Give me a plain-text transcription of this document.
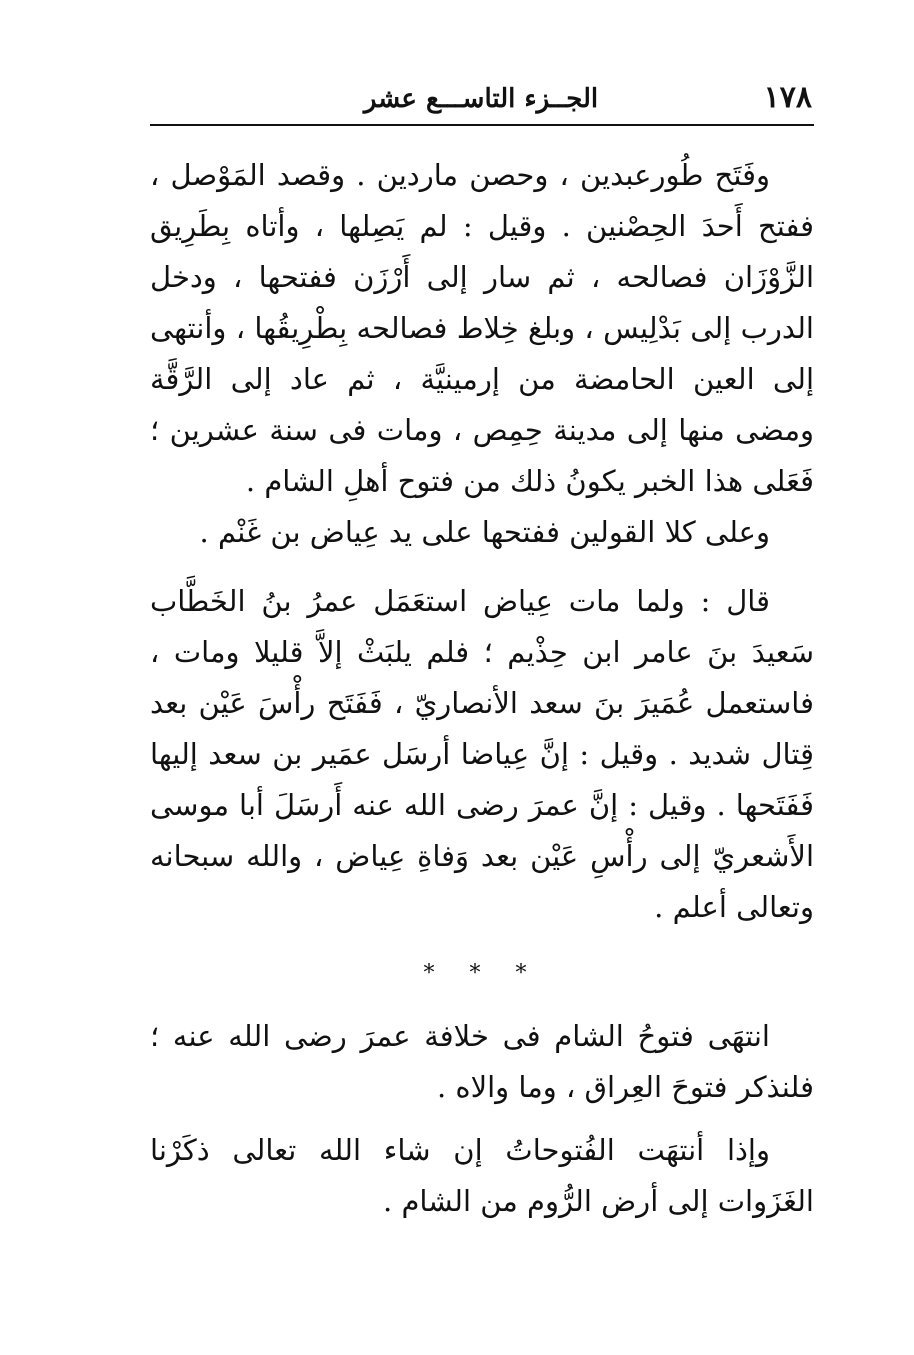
١٧٨
الجــزء التاســـع عشر

وفَتَح طُورعبدين ، وحصن ماردين . وقصد المَوْصل ، ففتح أَحدَ الحِصْنين . وقيل : لم يَصِلها ، وأتاه بِطَرِيق الزَّوْزَان فصالحه ، ثم سار إلى أَرْزَن ففتحها ، ودخل الدرب إلى بَدْلِيس ، وبلغ خِلاط فصالحه بِطْرِيقُها ، وأنتهى إلى العين الحامضة من إرمينيَّة ، ثم عاد إلى الرَّقَّة ومضى منها إلى مدينة حِمِص ، ومات فى سنة عشرين ؛ فَعَلى هذا الخبر يكونُ ذلك من فتوح أهلِ الشام .

وعلى كلا القولين ففتحها على يد عِياض بن غَنْم .

قال : ولما مات عِياض استعَمَل عمرُ بنُ الخَطَّاب سَعيدَ بنَ عامر ابن حِذْيم ؛ فلم يلبَثْ إلاَّ قليلا ومات ، فاستعمل عُمَيرَ بنَ سعد الأنصاريّ ، فَفَتَح رأْسَ عَيْن بعد قِتال شديد . وقيل : إنَّ عِياضا أرسَل عمَير بن سعد إليها فَفَتَحها . وقيل : إنَّ عمرَ رضى الله عنه أَرسَلَ أبا موسى الأَشعريّ إلى رأْسِ عَيْن بعد وَفاةِ عِياض ، والله سبحانه وتعالى أعلم .

* * *

انتهَى فتوحُ الشام فى خلافة عمرَ رضى الله عنه ؛ فلنذكر فتوحَ العِراق ، وما والاه .

وإذا أنتهَت الفُتوحاتُ إن شاء الله تعالى ذكَرْنا الغَزَوات إلى أرض الرُّوم من الشام .
